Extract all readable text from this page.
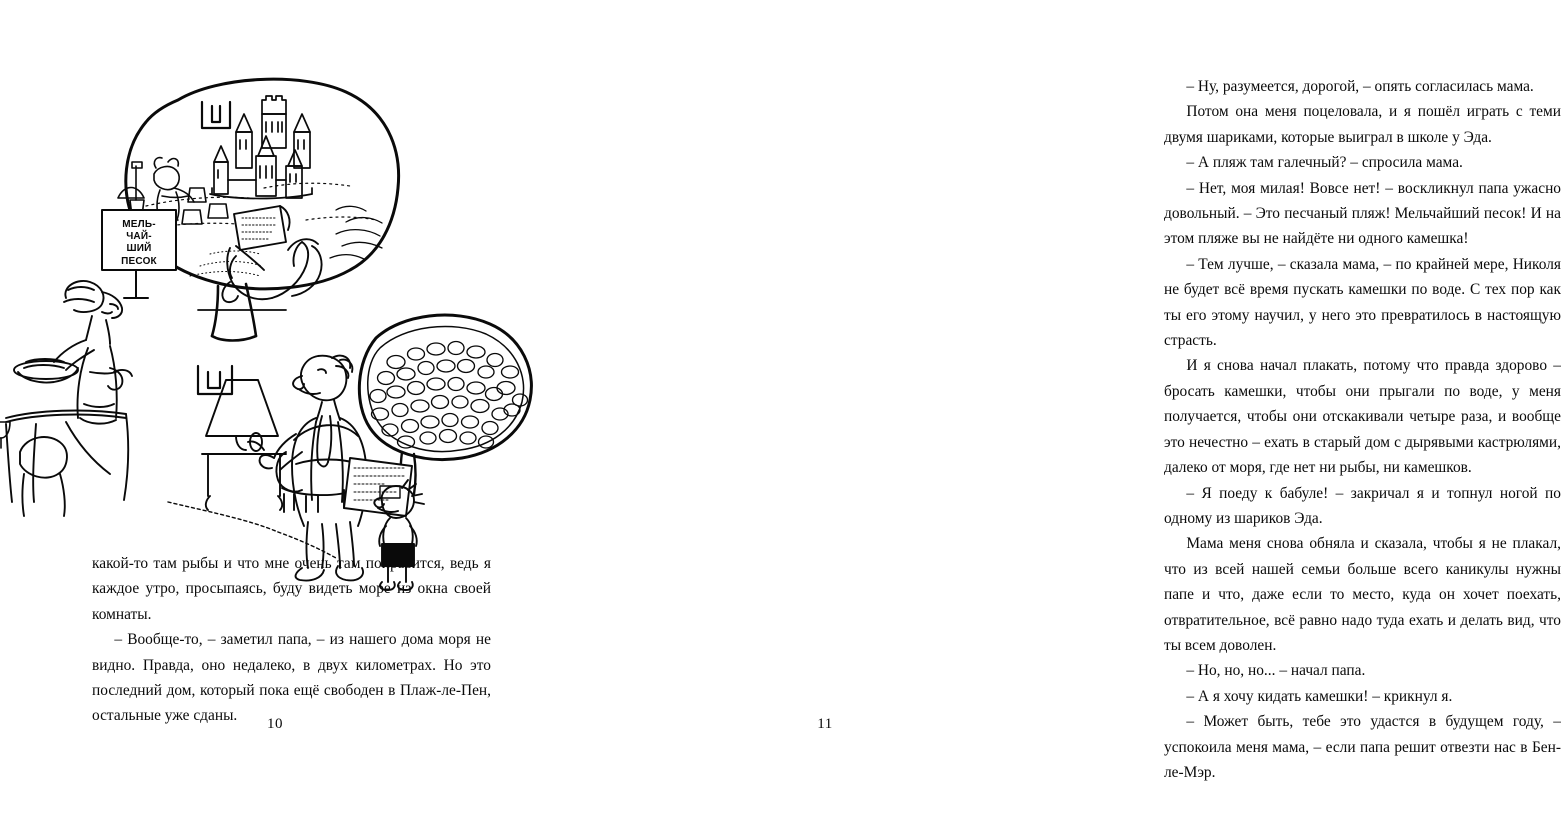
МЕЛЬ-
ЧАЙ-
ШИЙ
ПЕСОК

какой-то там рыбы и что мне очень там понравится, ведь я каждое утро, просыпаясь, буду видеть море из окна своей комнаты.

– Вообще-то, – заметил папа, – из нашего дома моря не видно. Правда, оно недалеко, в двух километрах. Но это последний дом, который пока ещё свободен в Плаж-ле-Пен, остальные уже сданы.	10

– Ну, разумеется, дорогой, – опять согласилась мама.

Потом она меня поцеловала, и я пошёл играть с теми двумя шариками, которые выиграл в школе у Эда.

– А пляж там галечный? – спросила мама.

– Нет, моя милая! Вовсе нет! – воскликнул папа ужасно довольный. – Это песчаный пляж! Мельчайший песок! И на этом пляже вы не найдёте ни одного камешка!

– Тем лучше, – сказала мама, – по крайней мере, Николя не будет всё время пускать камешки по воде. С тех пор как ты его этому научил, у него это превратилось в настоящую страсть.

И я снова начал плакать, потому что правда здорово – бросать камешки, чтобы они прыгали по воде, у меня получается, чтобы они отскакивали четыре раза, и вообще это нечестно – ехать в старый дом с дырявыми кастрюлями, далеко от моря, где нет ни рыбы, ни камешков.

– Я поеду к бабуле! – закричал я и топнул ногой по одному из шариков Эда.

Мама меня снова обняла и сказала, чтобы я не плакал, что из всей нашей семьи больше всего каникулы нужны папе и что, даже если то место, куда он хочет поехать, отвратительное, всё равно надо туда ехать и делать вид, что ты всем доволен.

– Но, но, но... – начал папа.

– А я хочу кидать камешки! – крикнул я.

– Может быть, тебе это удастся в будущем году, – успокоила меня мама, – если папа решит отвезти нас в Бен-ле-Мэр.

11
